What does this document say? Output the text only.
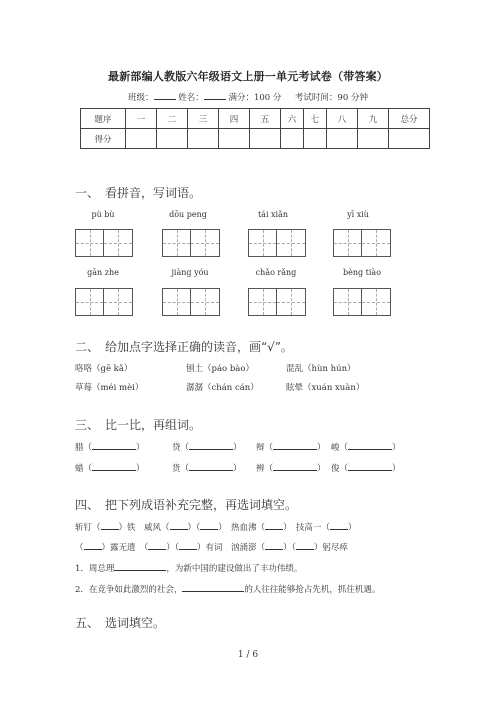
最新部编人教版六年级语文上册一单元考试卷（带答案）
班级：	姓名：	满分：100 分 考试时间：90 分钟
题序	一	二	三	四	五	六	七	八	九	总分
得分										
一、　看拼音，写词语。
pù bù	dōu peng	tái xiǎn	yī xiù
gān zhe	jiàng yóu	chǎo rǎng	bèng tiào
二、　给加点字选择正确的读音，画“√”。
咯咯（gē kǎ）	刨土（páo bào）	混乱（hùn hún）
草莓（méi mèi）	潺潺（chán cán）	眩晕（xuán xuàn）
三、　比一比，再组词。
腊（	）	贷（	） 辩（	） 峻（	）
蜡（	）	货（	） 辨（	） 俊（	）
四、　把下列成语补充完整，再选词填空。
斩钉（ ）铁　威风（ ）（ ）　热血沸（ ）　技高一（ ）
（ ）露无遗　（ ）（ ）有词　汹涌澎（ ）（ ）躬尽瘁
1．周总理	，为新中国的建设做出了丰功伟绩。
2．在竞争如此激烈的社会，	的人往往能够抢占先机，抓住机遇。
五、　选词填空。
1 / 6
